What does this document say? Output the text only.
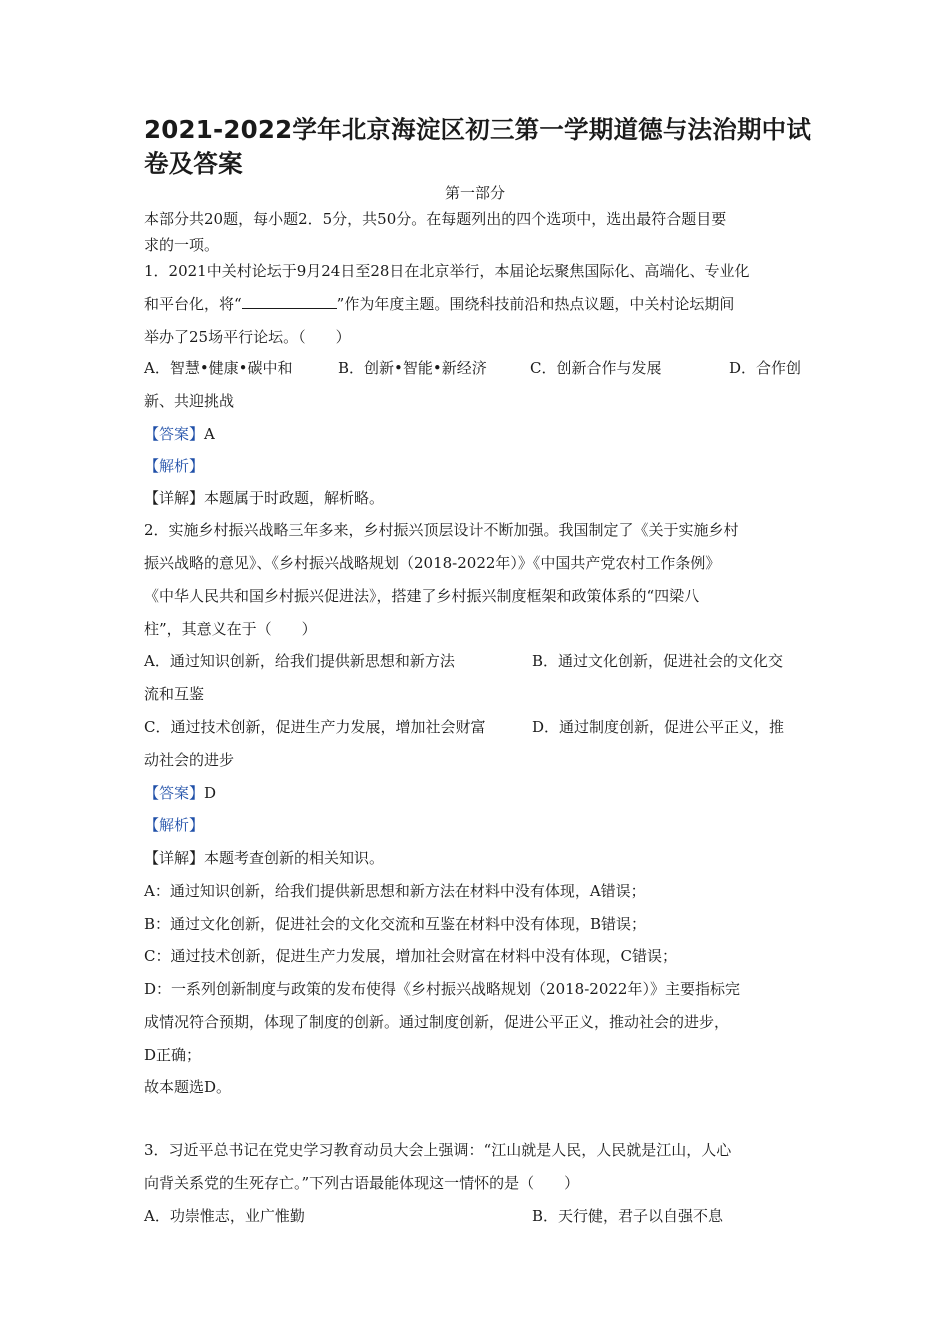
2021-2022学年北京海淀区初三第一学期道德与法治期中试
卷及答案
第一部分
本部分共20题，每小题2．5分，共50分。在每题列出的四个选项中，选出最符合题目要
求的一项。
1．2021中关村论坛于9月24日至28日在北京举行，本届论坛聚焦国际化、高端化、专业化
和平台化，将“	”作为年度主题。围绕科技前沿和热点议题，中关村论坛期间
举办了25场平行论坛。（　　）
A．智慧•健康•碳中和	B．创新•智能•新经济	C．创新合作与发展	D．合作创
新、共迎挑战
【答案】A
【解析】
【详解】本题属于时政题，解析略。
2．实施乡村振兴战略三年多来，乡村振兴顶层设计不断加强。我国制定了《关于实施乡村
振兴战略的意见》、《乡村振兴战略规划（2018-2022年）》《中国共产党农村工作条例》
《中华人民共和国乡村振兴促进法》，搭建了乡村振兴制度框架和政策体系的“四梁八
柱”，其意义在于（　　）
A．通过知识创新，给我们提供新思想和新方法	B．通过文化创新，促进社会的文化交
流和互鉴
C．通过技术创新，促进生产力发展，增加社会财富	D．通过制度创新，促进公平正义，推
动社会的进步
【答案】D
【解析】
【详解】本题考查创新的相关知识。
A：通过知识创新，给我们提供新思想和新方法在材料中没有体现，A错误；
B：通过文化创新，促进社会的文化交流和互鉴在材料中没有体现，B错误；
C：通过技术创新，促进生产力发展，增加社会财富在材料中没有体现，C错误；
D：一系列创新制度与政策的发布使得《乡村振兴战略规划（2018-2022年）》主要指标完
成情况符合预期，体现了制度的创新。通过制度创新，促进公平正义，推动社会的进步，
D正确；
故本题选D。
3．习近平总书记在党史学习教育动员大会上强调：“江山就是人民，人民就是江山，人心
向背关系党的生死存亡。”下列古语最能体现这一情怀的是（　　）
A．功崇惟志，业广惟勤	B．天行健，君子以自强不息
